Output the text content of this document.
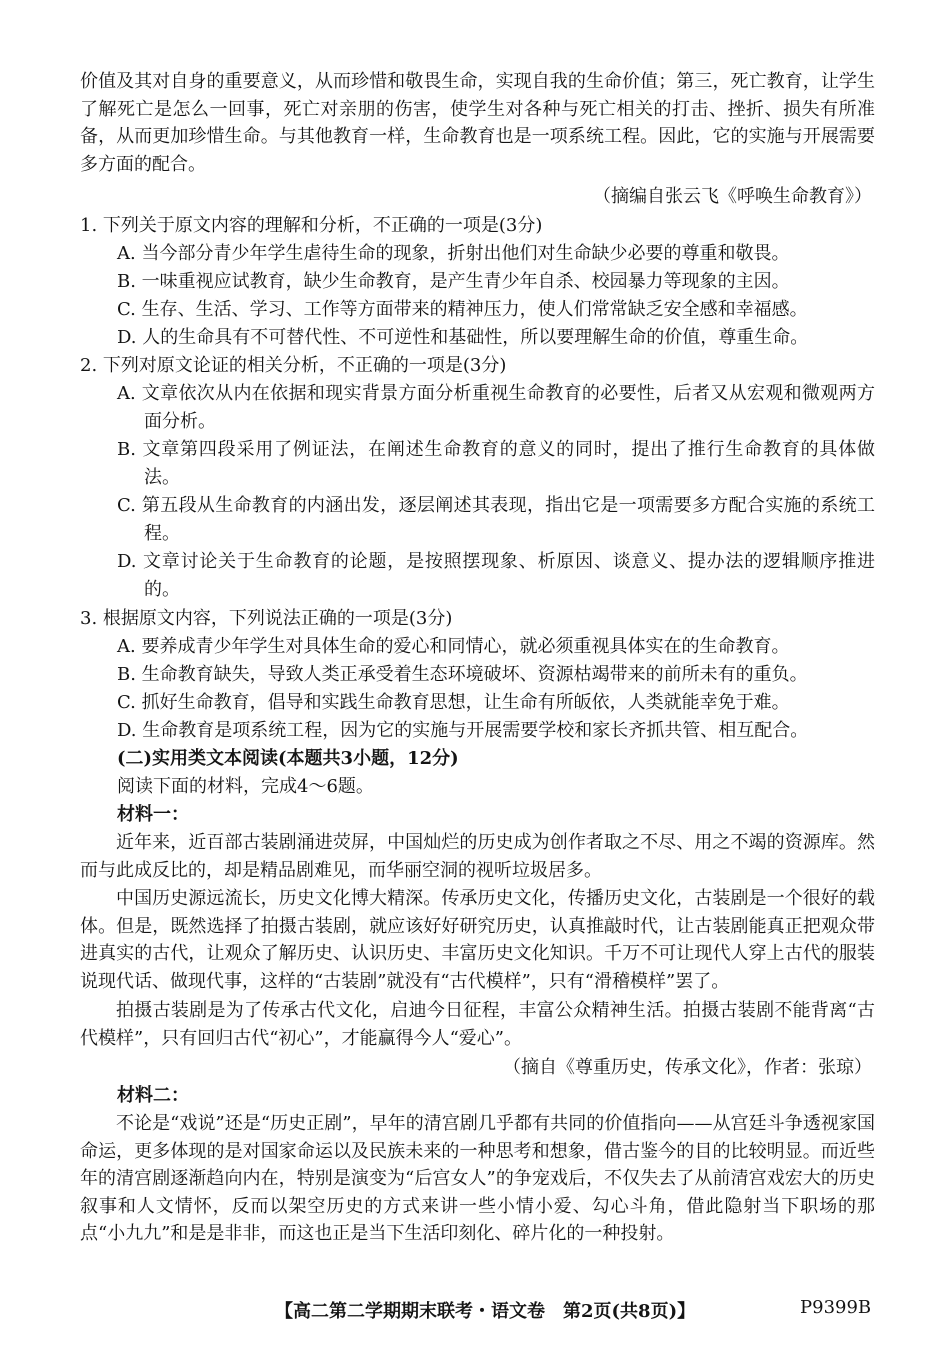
价值及其对自身的重要意义，从而珍惜和敬畏生命，实现自我的生命价值；第三，死亡教育，让学生了解死亡是怎么一回事，死亡对亲朋的伤害，使学生对各种与死亡相关的打击、挫折、损失有所准备，从而更加珍惜生命。与其他教育一样，生命教育也是一项系统工程。因此，它的实施与开展需要多方面的配合。

（摘编自张云飞《呼唤生命教育》）

1. 下列关于原文内容的理解和分析，不正确的一项是(3分)

A. 当今部分青少年学生虐待生命的现象，折射出他们对生命缺少必要的尊重和敬畏。

B. 一味重视应试教育，缺少生命教育，是产生青少年自杀、校园暴力等现象的主因。

C. 生存、生活、学习、工作等方面带来的精神压力，使人们常常缺乏安全感和幸福感。

D. 人的生命具有不可替代性、不可逆性和基础性，所以要理解生命的价值，尊重生命。

2. 下列对原文论证的相关分析，不正确的一项是(3分)

A. 文章依次从内在依据和现实背景方面分析重视生命教育的必要性，后者又从宏观和微观两方面分析。

B. 文章第四段采用了例证法，在阐述生命教育的意义的同时，提出了推行生命教育的具体做法。

C. 第五段从生命教育的内涵出发，逐层阐述其表现，指出它是一项需要多方配合实施的系统工程。

D. 文章讨论关于生命教育的论题，是按照摆现象、析原因、谈意义、提办法的逻辑顺序推进的。

3. 根据原文内容，下列说法正确的一项是(3分)

A. 要养成青少年学生对具体生命的爱心和同情心，就必须重视具体实在的生命教育。

B. 生命教育缺失，导致人类正承受着生态环境破坏、资源枯竭带来的前所未有的重负。

C. 抓好生命教育，倡导和实践生命教育思想，让生命有所皈依，人类就能幸免于难。

D. 生命教育是项系统工程，因为它的实施与开展需要学校和家长齐抓共管、相互配合。

(二)实用类文本阅读(本题共3小题，12分)

阅读下面的材料，完成4～6题。

材料一：

近年来，近百部古装剧涌进荧屏，中国灿烂的历史成为创作者取之不尽、用之不竭的资源库。然而与此成反比的，却是精品剧难见，而华丽空洞的视听垃圾居多。

中国历史源远流长，历史文化博大精深。传承历史文化，传播历史文化，古装剧是一个很好的载体。但是，既然选择了拍摄古装剧，就应该好好研究历史，认真推敲时代，让古装剧能真正把观众带进真实的古代，让观众了解历史、认识历史、丰富历史文化知识。千万不可让现代人穿上古代的服装说现代话、做现代事，这样的“古装剧”就没有“古代模样”，只有“滑稽模样”罢了。

拍摄古装剧是为了传承古代文化，启迪今日征程，丰富公众精神生活。拍摄古装剧不能背离“古代模样”，只有回归古代“初心”，才能赢得今人“爱心”。

（摘自《尊重历史，传承文化》，作者：张琼）

材料二：

不论是“戏说”还是“历史正剧”，早年的清宫剧几乎都有共同的价值指向——从宫廷斗争透视家国命运，更多体现的是对国家命运以及民族未来的一种思考和想象，借古鉴今的目的比较明显。而近些年的清宫剧逐渐趋向内在，特别是演变为“后宫女人”的争宠戏后，不仅失去了从前清宫戏宏大的历史叙事和人文情怀，反而以架空历史的方式来讲一些小情小爱、勾心斗角，借此隐射当下职场的那点“小九九”和是是非非，而这也正是当下生活印刻化、碎片化的一种投射。

【高二第二学期期末联考・语文卷　第2页(共8页)】	P9399B
